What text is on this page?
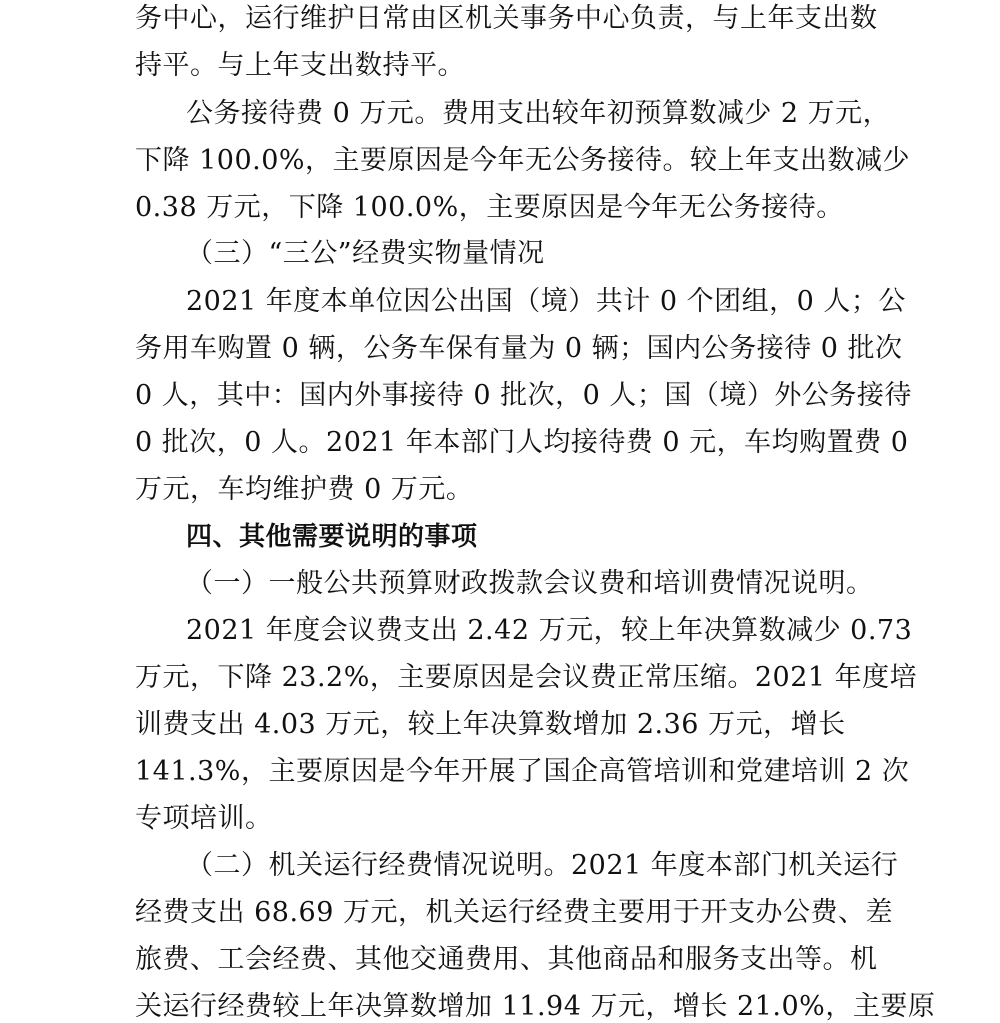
务中心，运行维护日常由区机关事务中心负责，与上年支出数
持平。与上年支出数持平。
公务接待费 0 万元。费用支出较年初预算数减少 2 万元，
下降 100.0%，主要原因是今年无公务接待。较上年支出数减少
0.38 万元，下降 100.0%，主要原因是今年无公务接待。
（三）“三公”经费实物量情况
2021 年度本单位因公出国（境）共计 0 个团组，0 人；公
务用车购置 0 辆，公务车保有量为 0 辆；国内公务接待 0 批次
0 人，其中：国内外事接待 0 批次，0 人；国（境）外公务接待
0 批次，0 人。2021 年本部门人均接待费 0 元，车均购置费 0
万元，车均维护费 0 万元。
四、其他需要说明的事项
（一）一般公共预算财政拨款会议费和培训费情况说明。
2021 年度会议费支出 2.42 万元，较上年决算数减少 0.73
万元，下降 23.2%，主要原因是会议费正常压缩。2021 年度培
训费支出 4.03 万元，较上年决算数增加 2.36 万元，增长
141.3%，主要原因是今年开展了国企高管培训和党建培训 2 次
专项培训。
（二）机关运行经费情况说明。2021 年度本部门机关运行
经费支出 68.69 万元，机关运行经费主要用于开支办公费、差
旅费、工会经费、其他交通费用、其他商品和服务支出等。机
关运行经费较上年决算数增加 11.94 万元，增长 21.0%，主要原
